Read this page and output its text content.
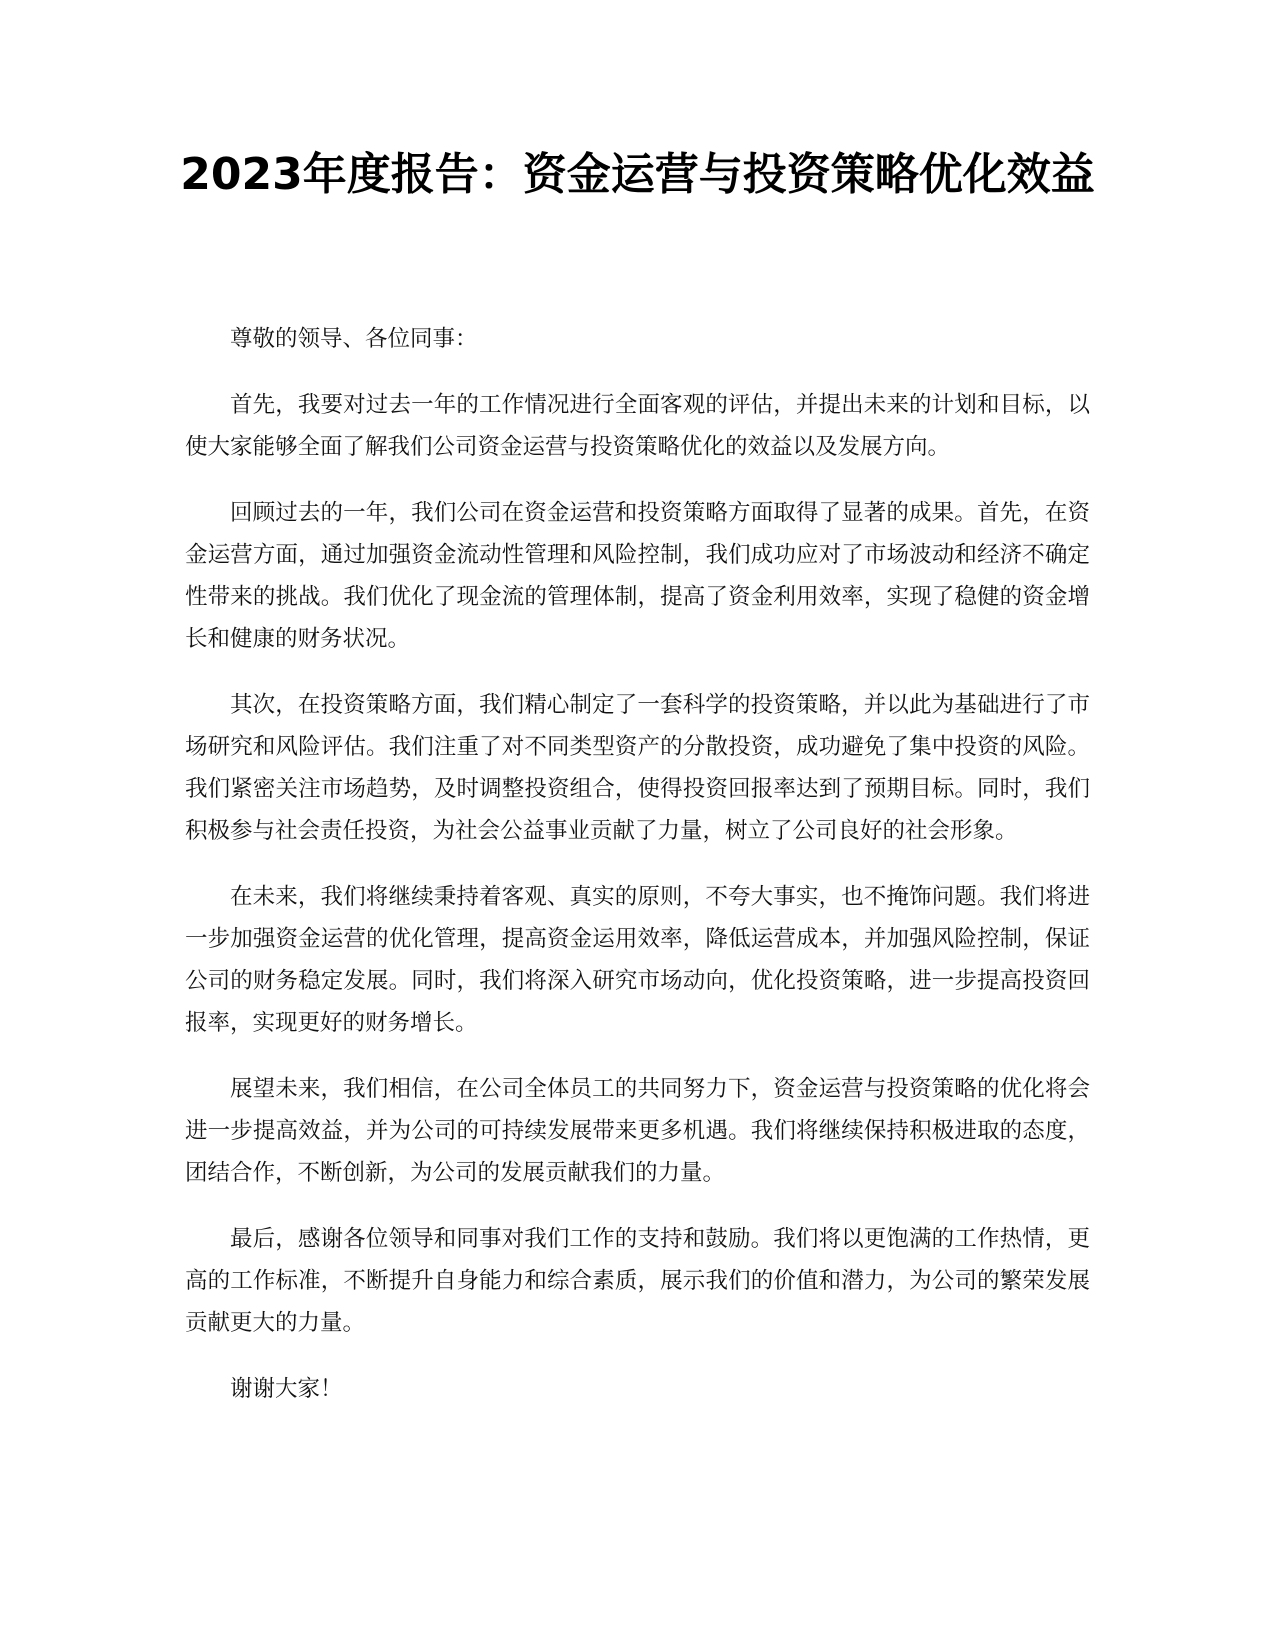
2023年度报告：资金运营与投资策略优化效益

尊敬的领导、各位同事：

首先，我要对过去一年的工作情况进行全面客观的评估，并提出未来的计划和目标，以使大家能够全面了解我们公司资金运营与投资策略优化的效益以及发展方向。

回顾过去的一年，我们公司在资金运营和投资策略方面取得了显著的成果。首先，在资金运营方面，通过加强资金流动性管理和风险控制，我们成功应对了市场波动和经济不确定性带来的挑战。我们优化了现金流的管理体制，提高了资金利用效率，实现了稳健的资金增长和健康的财务状况。

其次，在投资策略方面，我们精心制定了一套科学的投资策略，并以此为基础进行了市场研究和风险评估。我们注重了对不同类型资产的分散投资，成功避免了集中投资的风险。我们紧密关注市场趋势，及时调整投资组合，使得投资回报率达到了预期目标。同时，我们积极参与社会责任投资，为社会公益事业贡献了力量，树立了公司良好的社会形象。

在未来，我们将继续秉持着客观、真实的原则，不夸大事实，也不掩饰问题。我们将进一步加强资金运营的优化管理，提高资金运用效率，降低运营成本，并加强风险控制，保证公司的财务稳定发展。同时，我们将深入研究市场动向，优化投资策略，进一步提高投资回报率，实现更好的财务增长。

展望未来，我们相信，在公司全体员工的共同努力下，资金运营与投资策略的优化将会进一步提高效益，并为公司的可持续发展带来更多机遇。我们将继续保持积极进取的态度，团结合作，不断创新，为公司的发展贡献我们的力量。

最后，感谢各位领导和同事对我们工作的支持和鼓励。我们将以更饱满的工作热情，更高的工作标准，不断提升自身能力和综合素质，展示我们的价值和潜力，为公司的繁荣发展贡献更大的力量。

谢谢大家！
